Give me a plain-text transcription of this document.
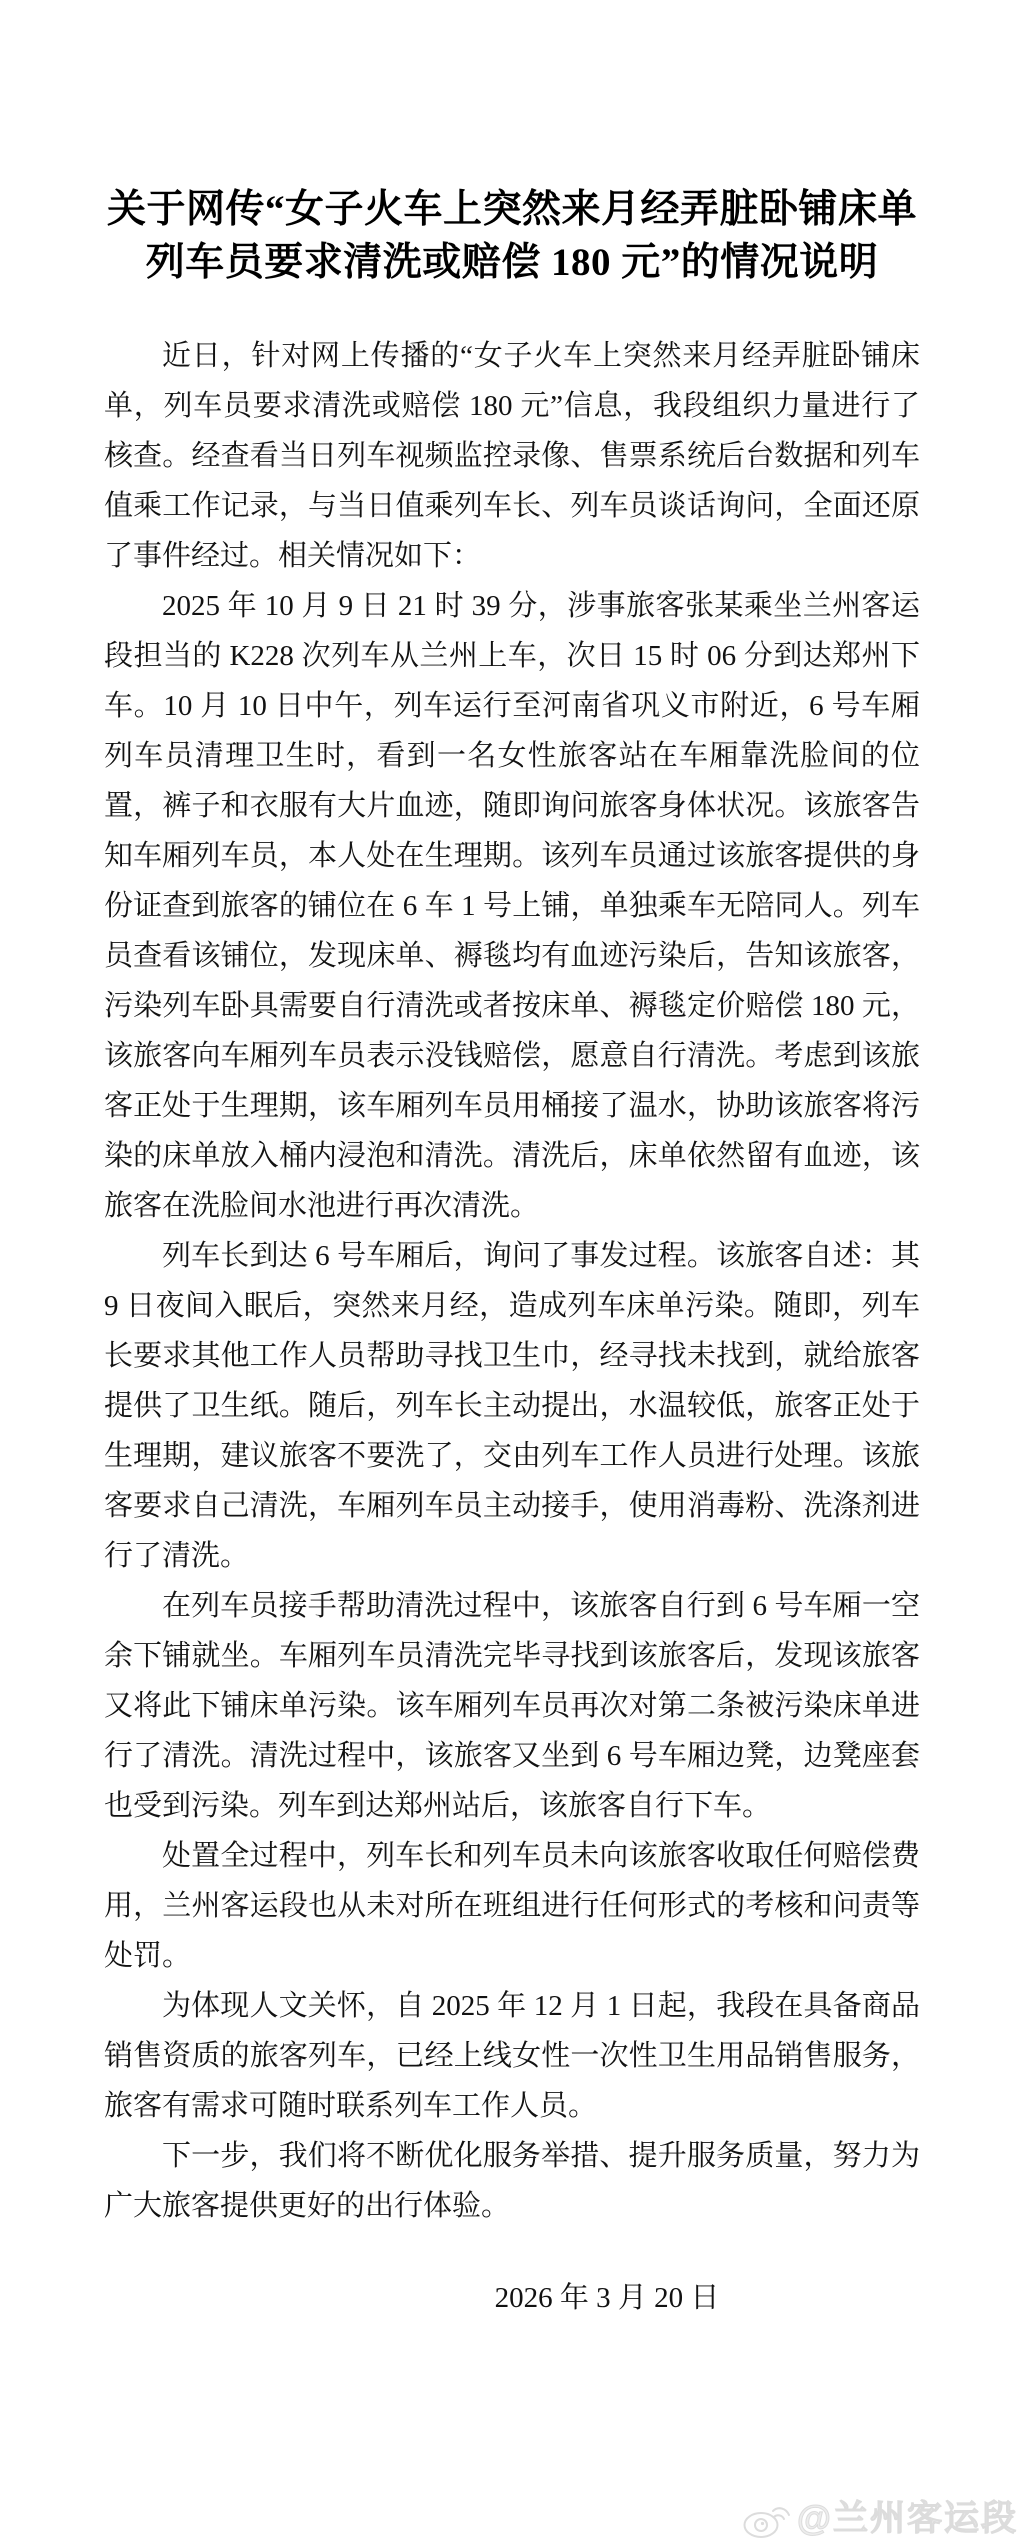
关于网传“女子火车上突然来月经弄脏卧铺床单
列车员要求清洗或赔偿 180 元”的情况说明

近日，针对网上传播的“女子火车上突然来月经弄脏卧铺床单，列车员要求清洗或赔偿 180 元”信息，我段组织力量进行了核查。经查看当日列车视频监控录像、售票系统后台数据和列车值乘工作记录，与当日值乘列车长、列车员谈话询问，全面还原了事件经过。相关情况如下：

2025 年 10 月 9 日 21 时 39 分，涉事旅客张某乘坐兰州客运段担当的 K228 次列车从兰州上车，次日 15 时 06 分到达郑州下车。10 月 10 日中午，列车运行至河南省巩义市附近，6 号车厢列车员清理卫生时，看到一名女性旅客站在车厢靠洗脸间的位置，裤子和衣服有大片血迹，随即询问旅客身体状况。该旅客告知车厢列车员，本人处在生理期。该列车员通过该旅客提供的身份证查到旅客的铺位在 6 车 1 号上铺，单独乘车无陪同人。列车员查看该铺位，发现床单、褥毯均有血迹污染后，告知该旅客，污染列车卧具需要自行清洗或者按床单、褥毯定价赔偿 180 元，该旅客向车厢列车员表示没钱赔偿，愿意自行清洗。考虑到该旅客正处于生理期，该车厢列车员用桶接了温水，协助该旅客将污染的床单放入桶内浸泡和清洗。清洗后，床单依然留有血迹，该旅客在洗脸间水池进行再次清洗。

列车长到达 6 号车厢后，询问了事发过程。该旅客自述：其 9 日夜间入眠后，突然来月经，造成列车床单污染。随即，列车长要求其他工作人员帮助寻找卫生巾，经寻找未找到，就给旅客提供了卫生纸。随后，列车长主动提出，水温较低，旅客正处于生理期，建议旅客不要洗了，交由列车工作人员进行处理。该旅客要求自己清洗，车厢列车员主动接手，使用消毒粉、洗涤剂进行了清洗。

在列车员接手帮助清洗过程中，该旅客自行到 6 号车厢一空余下铺就坐。车厢列车员清洗完毕寻找到该旅客后，发现该旅客又将此下铺床单污染。该车厢列车员再次对第二条被污染床单进行了清洗。清洗过程中，该旅客又坐到 6 号车厢边凳，边凳座套也受到污染。列车到达郑州站后，该旅客自行下车。

处置全过程中，列车长和列车员未向该旅客收取任何赔偿费用，兰州客运段也从未对所在班组进行任何形式的考核和问责等处罚。

为体现人文关怀，自 2025 年 12 月 1 日起，我段在具备商品销售资质的旅客列车，已经上线女性一次性卫生用品销售服务，旅客有需求可随时联系列车工作人员。

下一步，我们将不断优化服务举措、提升服务质量，努力为广大旅客提供更好的出行体验。

2026 年 3 月 20 日
@兰州客运段
